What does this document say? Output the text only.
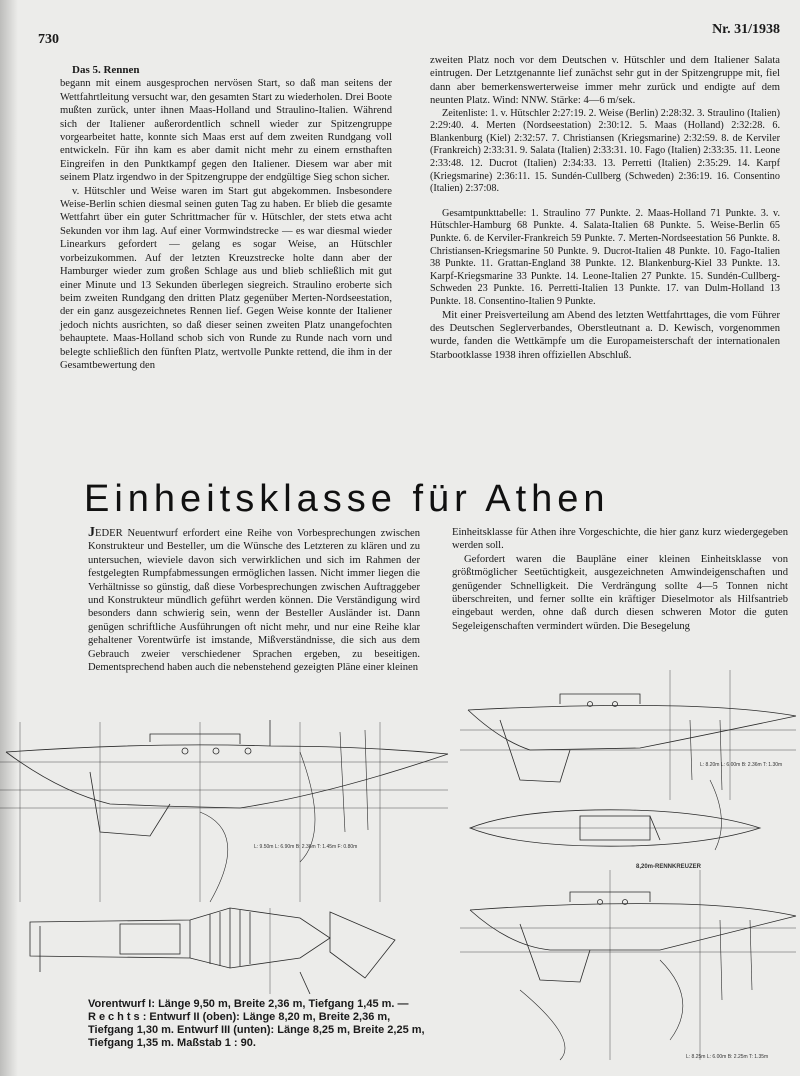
730
Nr. 31/1938

Das 5. Rennen

begann mit einem ausgesprochen nervösen Start, so daß man seitens der Wettfahrtleitung versucht war, den gesamten Start zu wiederholen. Drei Boote mußten zurück, unter ihnen Maas-Holland und Straulino-Italien. Während sich der Italiener außerordentlich schnell wieder zur Spitzengruppe vorgearbeitet hatte, konnte sich Maas erst auf dem zweiten Rundgang voll entwickeln. Für ihn kam es aber damit nicht mehr zu einem ernsthaften Eingreifen in den Punktkampf gegen den Italiener. Diesem war aber mit seinem Platz irgendwo in der Spitzengruppe der endgültige Sieg schon sicher.

v. Hütschler und Weise waren im Start gut abgekommen. Insbesondere Weise-Berlin schien diesmal seinen guten Tag zu haben. Er blieb die gesamte Wettfahrt über ein guter Schrittmacher für v. Hütschler, der stets etwa acht Sekunden vor ihm lag. Auf einer Vormwindstrecke — es war diesmal wieder Linearkurs gefordert — gelang es sogar Weise, an Hütschler vorbeizukommen. Auf der letzten Kreuzstrecke holte dann aber der Hamburger wieder zum großen Schlage aus und blieb schließlich mit gut einer Minute und 13 Sekunden überlegen siegreich. Straulino eroberte sich beim zweiten Rundgang den dritten Platz gegenüber Merten-Nordseestation, der ein ganz ausgezeichnetes Rennen lief. Gegen Weise konnte der Italiener jedoch nichts ausrichten, so daß dieser seinen zweiten Platz unangefochten behauptete. Maas-Holland schob sich von Runde zu Runde nach vorn und belegte schließlich den fünften Platz, wertvolle Punkte rettend, die ihm in der Gesamtbewertung den

zweiten Platz noch vor dem Deutschen v. Hütschler und dem Italiener Salata eintrugen. Der Letztgenannte lief zunächst sehr gut in der Spitzengruppe mit, fiel dann aber bemerkenswerterweise immer mehr zurück und endigte auf dem neunten Platz. Wind: NNW. Stärke: 4—6 m/sek.

Zeitenliste: 1. v. Hütschler 2:27:19. 2. Weise (Berlin) 2:28:32. 3. Straulino (Italien) 2:29:40. 4. Merten (Nordseestation) 2:30:12. 5. Maas (Holland) 2:32:28. 6. Blankenburg (Kiel) 2:32:57. 7. Christiansen (Kriegsmarine) 2:32:59. 8. de Kerviler (Frankreich) 2:33:31. 9. Salata (Italien) 2:33:31. 10. Fago (Italien) 2:33:35. 11. Leone 2:33:48. 12. Ducrot (Italien) 2:34:33. 13. Perretti (Italien) 2:35:29. 14. Karpf (Kriegsmarine) 2:36:11. 15. Sundén-Cullberg (Schweden) 2:36:19. 16. Consentino (Italien) 2:37:08.

Gesamtpunkttabelle: 1. Straulino 77 Punkte. 2. Maas-Holland 71 Punkte. 3. v. Hütschler-Hamburg 68 Punkte. 4. Salata-Italien 68 Punkte. 5. Weise-Berlin 65 Punkte. 6. de Kerviler-Frankreich 59 Punkte. 7. Merten-Nordseestation 56 Punkte. 8. Christiansen-Kriegsmarine 50 Punkte. 9. Ducrot-Italien 48 Punkte. 10. Fago-Italien 38 Punkte. 11. Grattan-England 38 Punkte. 12. Blankenburg-Kiel 33 Punkte. 13. Karpf-Kriegsmarine 33 Punkte. 14. Leone-Italien 27 Punkte. 15. Sundén-Cullberg-Schweden 23 Punkte. 16. Perretti-Italien 13 Punkte. 17. van Dulm-Holland 13 Punkte. 18. Consentino-Italien 9 Punkte.

Mit einer Preisverteilung am Abend des letzten Wettfahrttages, die vom Führer des Deutschen Seglerverbandes, Oberstleutnant a. D. Kewisch, vorgenommen wurde, fanden die Wettkämpfe um die Europameisterschaft der internationalen Starbootklasse 1938 ihren offiziellen Abschluß.

Einheitsklasse für Athen

JEDER Neuentwurf erfordert eine Reihe von Vorbesprechungen zwischen Konstrukteur und Besteller, um die Wünsche des Letzteren zu klären und zu untersuchen, wieviele davon sich verwirklichen und sich im Rahmen der festgelegten Rumpfabmessungen ermöglichen lassen. Nicht immer liegen die Verhältnisse so günstig, daß diese Vorbesprechungen zwischen Auftraggeber und Konstrukteur mündlich geführt werden können. Die Verständigung wird besonders dann schwierig sein, wenn der Besteller Ausländer ist. Dann genügen schriftliche Ausführungen oft nicht mehr, und nur eine Reihe klar gehaltener Vorentwürfe ist imstande, Mißverständnisse, die sich aus dem Gebrauch zweier verschiedener Sprachen ergeben, zu beseitigen. Dementsprechend haben auch die nebenstehend gezeigten Pläne einer kleinen

Einheitsklasse für Athen ihre Vorgeschichte, die hier ganz kurz wiedergegeben werden soll.

Gefordert waren die Baupläne einer kleinen Einheitsklasse von größtmöglicher Seetüchtigkeit, ausgezeichneten Amwindeigenschaften und genügender Schnelligkeit. Die Verdrängung sollte 4—5 Tonnen nicht überschreiten, und ferner sollte ein kräftiger Dieselmotor als Hilfsantrieb eingebaut werden, ohne daß durch diesen schweren Motor die guten Segeleigenschaften vermindert würden. Die Besegelung

L: 9.50m L: 6.90m B: 2.36m T: 1.45m F: 0.80m
8,20m-RENNKREUZER
L: 8.20m L: 6.00m B: 2.36m T: 1.30m
L: 8.25m L: 6.00m B: 2.25m T: 1.35m
Vorentwurf I: Länge 9,50 m, Breite 2,36 m, Tiefgang 1,45 m. — Rechts: Entwurf II (oben): Länge 8,20 m, Breite 2,36 m, Tiefgang 1,30 m. Entwurf III (unten): Länge 8,25 m, Breite 2,25 m, Tiefgang 1,35 m. Maßstab 1 : 90.
